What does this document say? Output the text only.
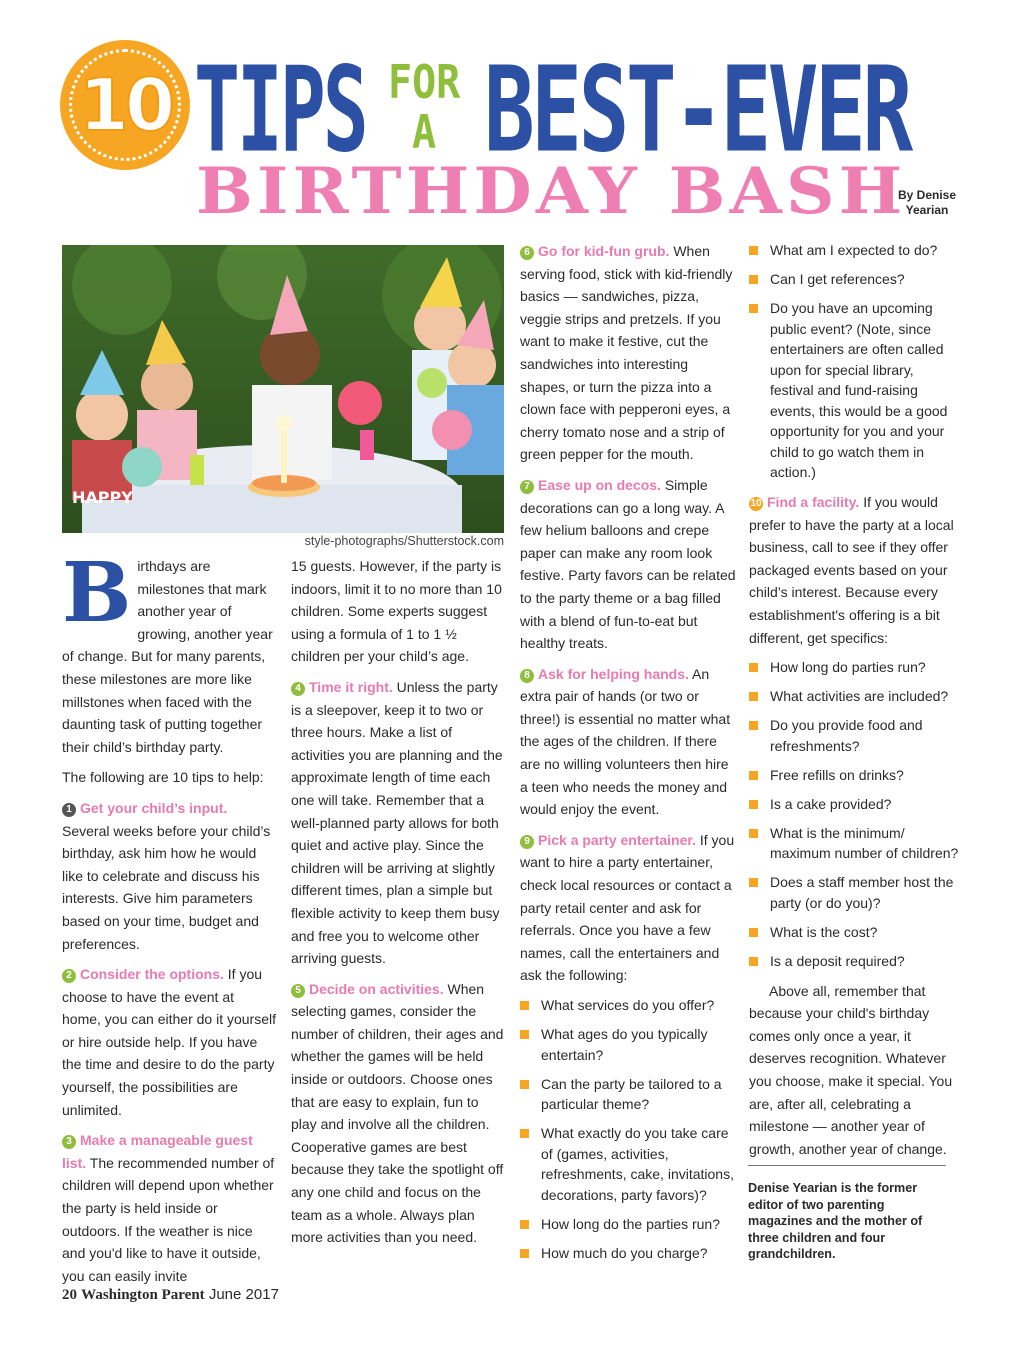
10 TIPS FOR
A BEST-EVER
BIRTHDAY BASH
By Denise
Yearian
HAPPY
style-photographs/Shutterstock.com

Birthdays are milestones that mark another year of growing, another year of change. But for many parents, these milestones are more like millstones when faced with the daunting task of putting together their child’s birthday party.

The following are 10 tips to help:

1 Get your child’s input. Several weeks before your child’s birthday, ask him how he would like to celebrate and discuss his interests. Give him parameters based on your time, budget and preferences.

2 Consider the options. If you choose to have the event at home, you can either do it yourself or hire outside help. If you have the time and desire to do the party yourself, the possibilities are unlimited.

3 Make a manageable guest list. The recommended number of children will depend upon whether the party is held inside or outdoors. If the weather is nice and you'd like to have it outside, you can easily invite

15 guests. However, if the party is indoors, limit it to no more than 10 children. Some experts suggest using a formula of 1 to 1 ½ children per your child’s age.

4 Time it right. Unless the party is a sleepover, keep it to two or three hours. Make a list of activities you are planning and the approximate length of time each one will take. Remember that a well-planned party allows for both quiet and active play. Since the children will be arriving at slightly different times, plan a simple but flexible activity to keep them busy and free you to welcome other arriving guests.

5 Decide on activities. When selecting games, consider the number of children, their ages and whether the games will be held inside or outdoors. Choose ones that are easy to explain, fun to play and involve all the children. Cooperative games are best because they take the spotlight off any one child and focus on the team as a whole. Always plan more activities than you need.

6 Go for kid-fun grub. When serving food, stick with kid-friendly basics — sandwiches, pizza, veggie strips and pretzels. If you want to make it festive, cut the sandwiches into interesting shapes, or turn the pizza into a clown face with pepperoni eyes, a cherry tomato nose and a strip of green pepper for the mouth.

7 Ease up on decos. Simple decorations can go a long way. A few helium balloons and crepe paper can make any room look festive. Party favors can be related to the party theme or a bag filled with a blend of fun-to-eat but healthy treats.

8 Ask for helping hands. An extra pair of hands (or two or three!) is essential no matter what the ages of the children. If there are no willing volunteers then hire a teen who needs the money and would enjoy the event.

9 Pick a party entertainer. If you want to hire a party entertainer, check local resources or contact a party retail center and ask for referrals. Once you have a few names, call the entertainers and ask the following:

What services do you offer?
What ages do you typically entertain?
Can the party be tailored to a particular theme?
What exactly do you take care of (games, activities, refreshments, cake, invitations, decorations, party favors)?
How long do the parties run?
How much do you charge?
What am I expected to do?
Can I get references?
Do you have an upcoming public event? (Note, since entertainers are often called upon for special library, festival and fund-raising events, this would be a good opportunity for you and your child to go watch them in action.)

10 Find a facility. If you would prefer to have the party at a local business, call to see if they offer packaged events based on your child’s interest. Because every establishment's offering is a bit different, get specifics:

How long do parties run?
What activities are included?
Do you provide food and refreshments?
Free refills on drinks?
Is a cake provided?
What is the minimum/ maximum number of children?
Does a staff member host the party (or do you)?
What is the cost?
Is a deposit required?

Above all, remember that because your child's birthday comes only once a year, it deserves recognition. Whatever you choose, make it special. You are, after all, celebrating a milestone — another year of growth, another year of change.

Denise Yearian is the former editor of two parenting magazines and the mother of three children and four grandchildren.
20 Washington Parent June 2017
